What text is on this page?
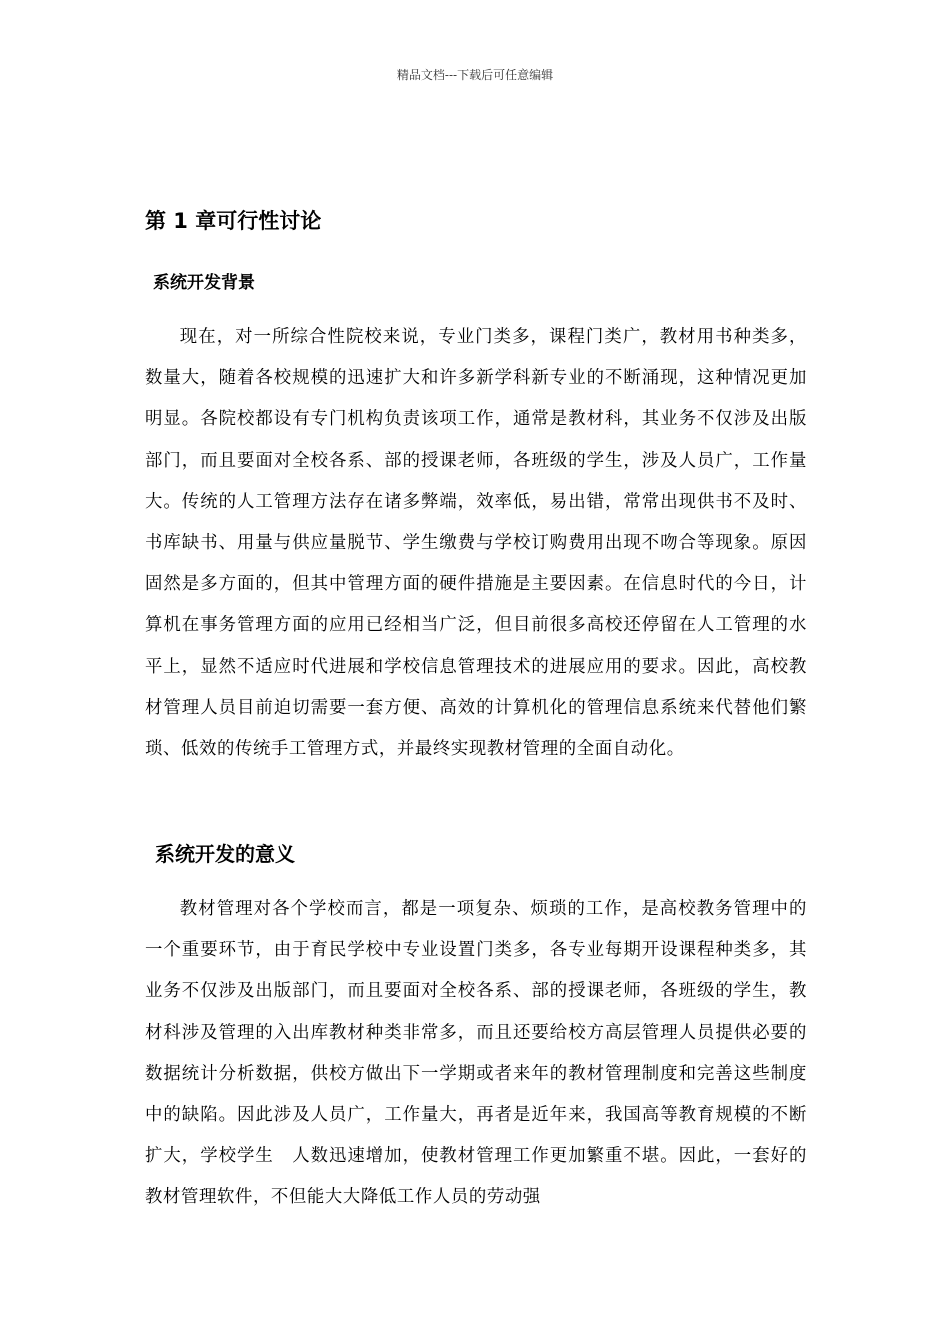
精品文档---下载后可任意编辑
第 1 章可行性讨论
系统开发背景

现在，对一所综合性院校来说，专业门类多，课程门类广，教材用书种类多，数量大，随着各校规模的迅速扩大和许多新学科新专业的不断涌现，这种情况更加明显。各院校都设有专门机构负责该项工作，通常是教材科，其业务不仅涉及出版部门，而且要面对全校各系、部的授课老师，各班级的学生，涉及人员广，工作量大。传统的人工管理方法存在诸多弊端，效率低，易出错，常常出现供书不及时、书库缺书、用量与供应量脱节、学生缴费与学校订购费用出现不吻合等现象。原因固然是多方面的，但其中管理方面的硬件措施是主要因素。在信息时代的今日，计算机在事务管理方面的应用已经相当广泛，但目前很多高校还停留在人工管理的水平上，显然不适应时代进展和学校信息管理技术的进展应用的要求。因此，高校教材管理人员目前迫切需要一套方便、高效的计算机化的管理信息系统来代替他们繁琐、低效的传统手工管理方式，并最终实现教材管理的全面自动化。

系统开发的意义

教材管理对各个学校而言，都是一项复杂、烦琐的工作，是高校教务管理中的一个重要环节，由于育民学校中专业设置门类多，各专业每期开设课程种类多，其业务不仅涉及出版部门，而且要面对全校各系、部的授课老师，各班级的学生，教材科涉及管理的入出库教材种类非常多，而且还要给校方高层管理人员提供必要的数据统计分析数据，供校方做出下一学期或者来年的教材管理制度和完善这些制度中的缺陷。因此涉及人员广，工作量大，再者是近年来，我国高等教育规模的不断扩大，学校学生　人数迅速增加，使教材管理工作更加繁重不堪。因此，一套好的教材管理软件，不但能大大降低工作人员的劳动强
